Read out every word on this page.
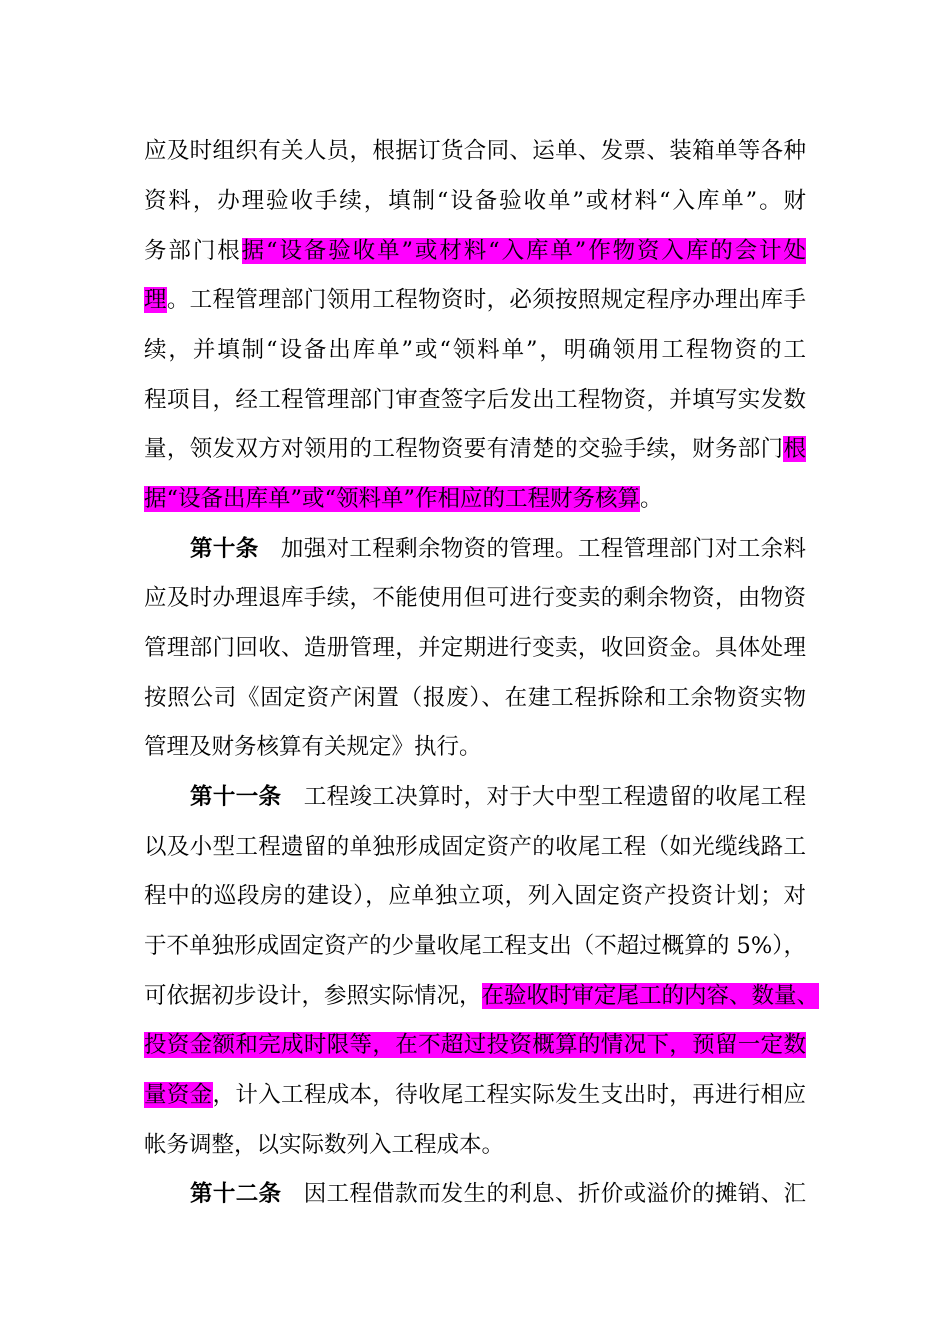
应及时组织有关人员，根据订货合同、运单、发票、装箱单等各种
资料，办理验收手续，填制“设备验收单”或材料“入库单”。财
务部门根据“设备验收单”或材料“入库单”作物资入库的会计处
理。工程管理部门领用工程物资时，必须按照规定程序办理出库手
续，并填制“设备出库单”或“领料单”，明确领用工程物资的工
程项目，经工程管理部门审查签字后发出工程物资，并填写实发数
量，领发双方对领用的工程物资要有清楚的交验手续，财务部门根
据“设备出库单”或“领料单”作相应的工程财务核算。
第十条 加强对工程剩余物资的管理。工程管理部门对工余料
应及时办理退库手续，不能使用但可进行变卖的剩余物资，由物资
管理部门回收、造册管理，并定期进行变卖，收回资金。具体处理
按照公司《固定资产闲置（报废）、在建工程拆除和工余物资实物
管理及财务核算有关规定》执行。
第十一条 工程竣工决算时，对于大中型工程遗留的收尾工程
以及小型工程遗留的单独形成固定资产的收尾工程（如光缆线路工
程中的巡段房的建设），应单独立项，列入固定资产投资计划；对
于不单独形成固定资产的少量收尾工程支出（不超过概算的 5%），
可依据初步设计，参照实际情况，在验收时审定尾工的内容、数量、
投资金额和完成时限等，在不超过投资概算的情况下，预留一定数
量资金，计入工程成本，待收尾工程实际发生支出时，再进行相应
帐务调整，以实际数列入工程成本。
第十二条 因工程借款而发生的利息、折价或溢价的摊销、汇
